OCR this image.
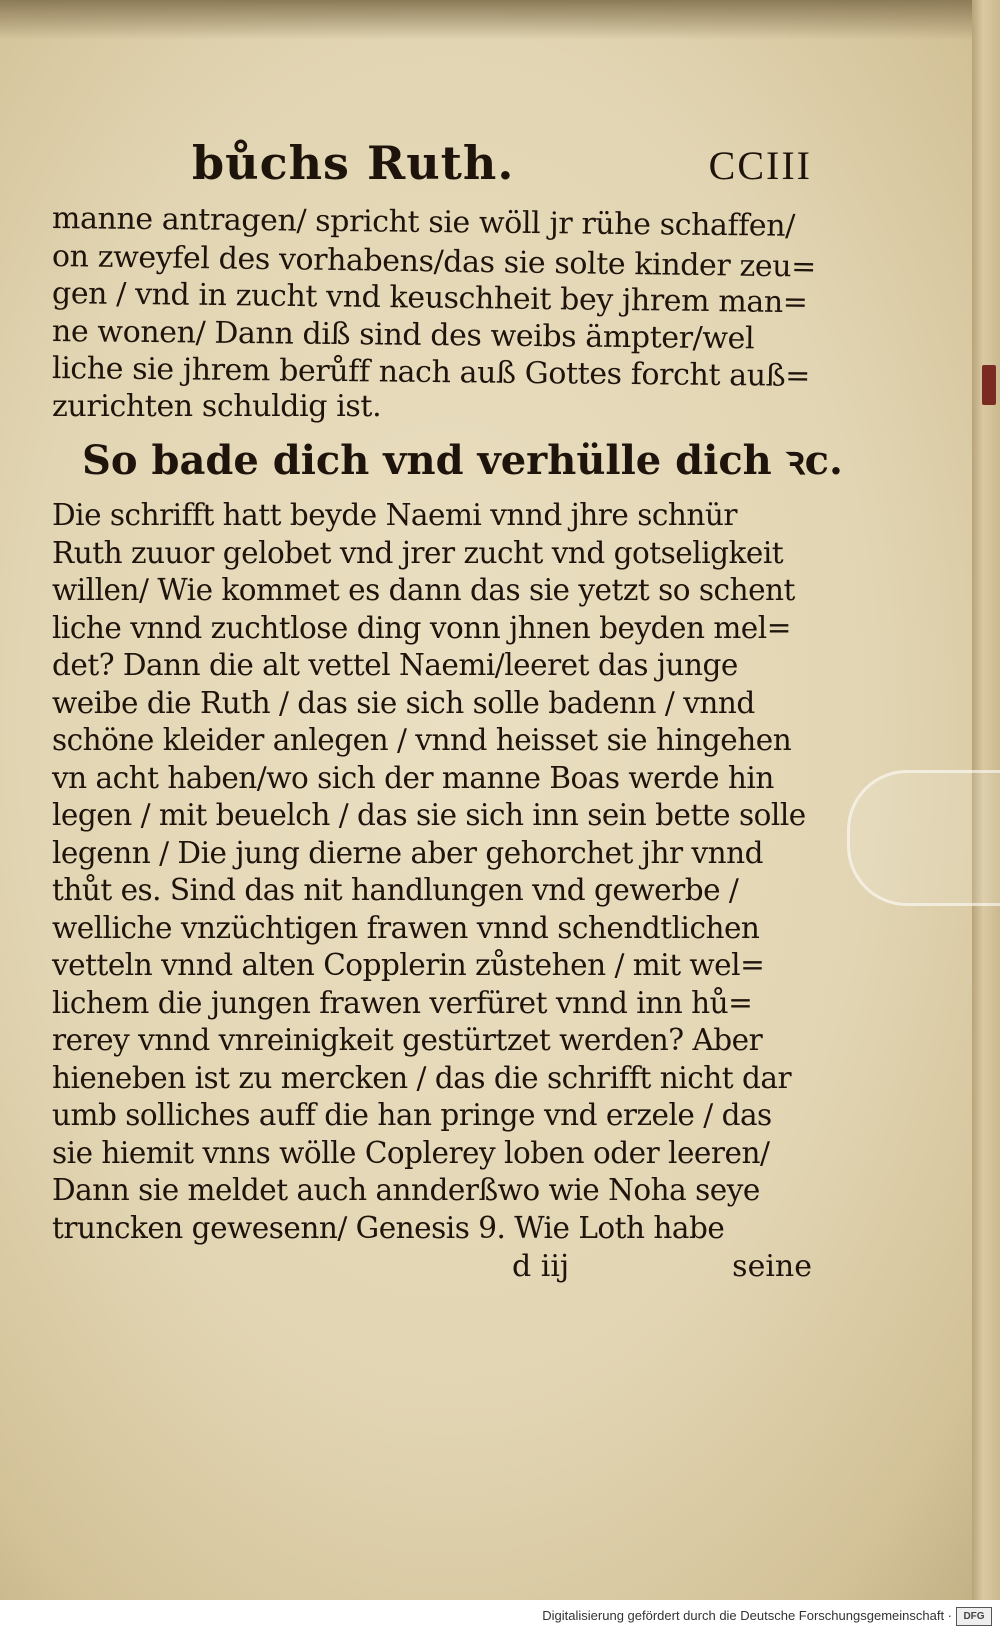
bůchs Ruth.	CCIII
manne antragen/ spricht sie wöll jr rühe schaffen/
on zweyfel des vorhabens/das sie solte kinder zeu=
gen / vnd in zucht vnd keuschheit bey jhrem man=
ne wonen/ Dann diß sind des weibs ämpter/wel
liche sie jhrem berůff nach auß Gottes forcht auß=
zurichten schuldig ist.
So bade dich vnd verhülle dich ꝛc.
Die schrifft hatt beyde Naemi vnnd jhre schnür
Ruth zuuor gelobet vnd jrer zucht vnd gotseligkeit
willen/ Wie kommet es dann das sie yetzt so schent
liche vnnd zuchtlose ding vonn jhnen beyden mel=
det? Dann die alt vettel Naemi/leeret das junge
weibe die Ruth / das sie sich solle badenn / vnnd
schöne kleider anlegen / vnnd heisset sie hingehen
vn acht haben/wo sich der manne Boas werde hin
legen / mit beuelch / das sie sich inn sein bette solle
legenn / Die jung dierne aber gehorchet jhr vnnd
thůt es. Sind das nit handlungen vnd gewerbe /
welliche vnzüchtigen frawen vnnd schendtlichen
vetteln vnnd alten Copplerin zůstehen / mit wel=
lichem die jungen frawen verfüret vnnd inn hů=
rerey vnnd vnreinigkeit gestürtzet werden? Aber
hieneben ist zu mercken / das die schrifft nicht dar
umb solliches auff die han pringe vnd erzele / das
sie hiemit vnns wölle Coplerey loben oder leeren/
Dann sie meldet auch annderßwo wie Noha seye
truncken gewesenn/ Genesis 9. Wie Loth habe
d iij	seine
Digitalisierung gefördert durch die Deutsche Forschungsgemeinschaft ·	DFG
